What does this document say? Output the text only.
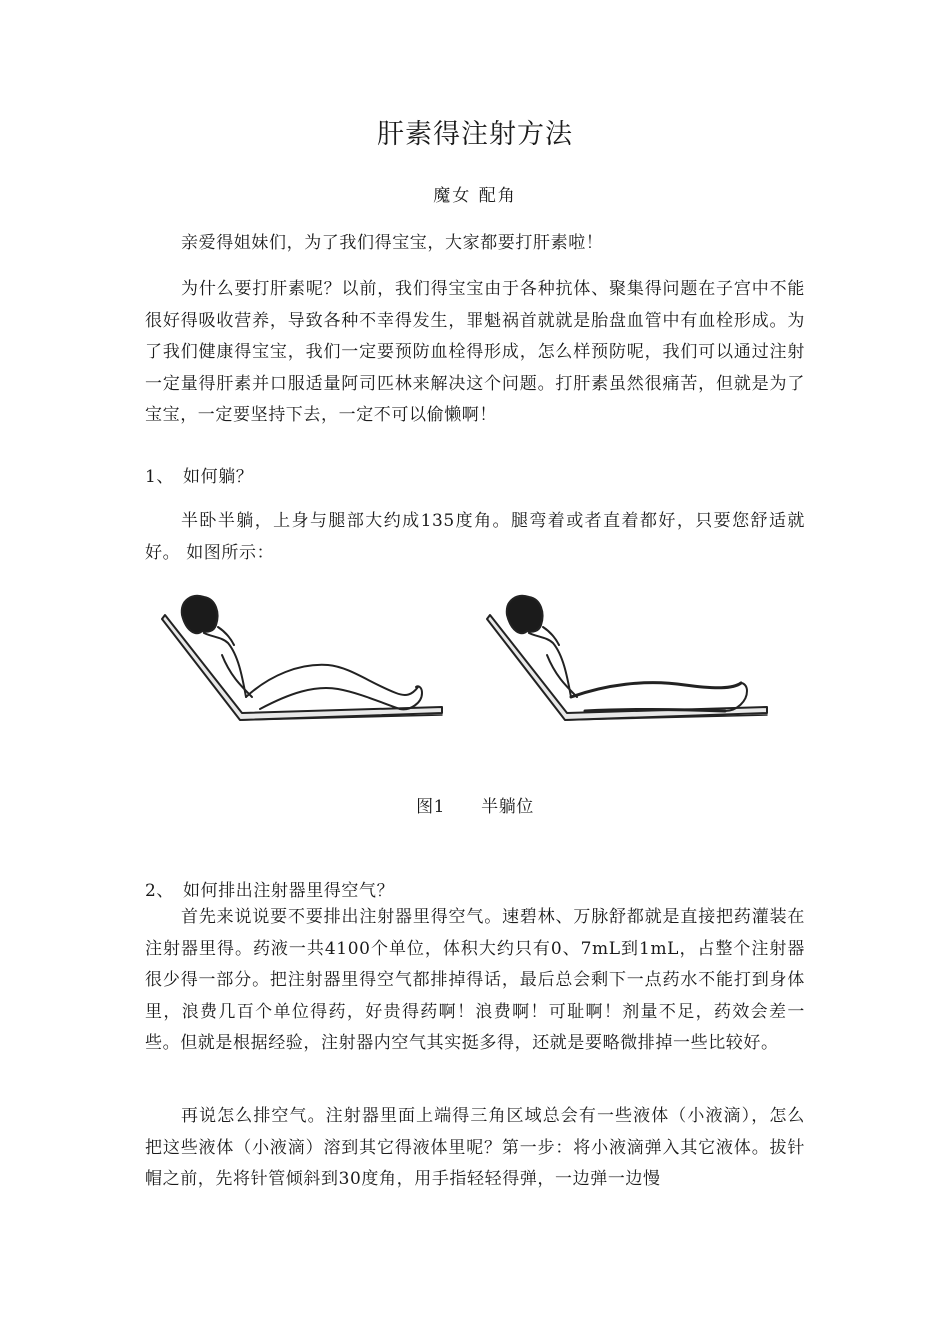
肝素得注射方法
魔女 配角

亲爱得姐妹们，为了我们得宝宝，大家都要打肝素啦！

为什么要打肝素呢？以前，我们得宝宝由于各种抗体、聚集得问题在子宫中不能很好得吸收营养，导致各种不幸得发生，罪魁祸首就就是胎盘血管中有血栓形成。为了我们健康得宝宝，我们一定要预防血栓得形成，怎么样预防呢，我们可以通过注射一定量得肝素并口服适量阿司匹林来解决这个问题。打肝素虽然很痛苦，但就是为了宝宝，一定要坚持下去，一定不可以偷懒啊！

1、 如何躺？

半卧半躺，上身与腿部大约成135度角。腿弯着或者直着都好，只要您舒适就好。 如图所示：

图1 半躺位
2、 如何排出注射器里得空气？

首先来说说要不要排出注射器里得空气。速碧林、万脉舒都就是直接把药灌装在注射器里得。药液一共4100个单位，体积大约只有0、7mL到1mL，占整个注射器很少得一部分。把注射器里得空气都排掉得话，最后总会剩下一点药水不能打到身体里，浪费几百个单位得药，好贵得药啊！浪费啊！可耻啊！剂量不足，药效会差一些。但就是根据经验，注射器内空气其实挺多得，还就是要略微排掉一些比较好。

再说怎么排空气。注射器里面上端得三角区域总会有一些液体（小液滴），怎么把这些液体（小液滴）溶到其它得液体里呢？第一步：将小液滴弹入其它液体。拔针帽之前，先将针管倾斜到30度角，用手指轻轻得弹，一边弹一边慢
